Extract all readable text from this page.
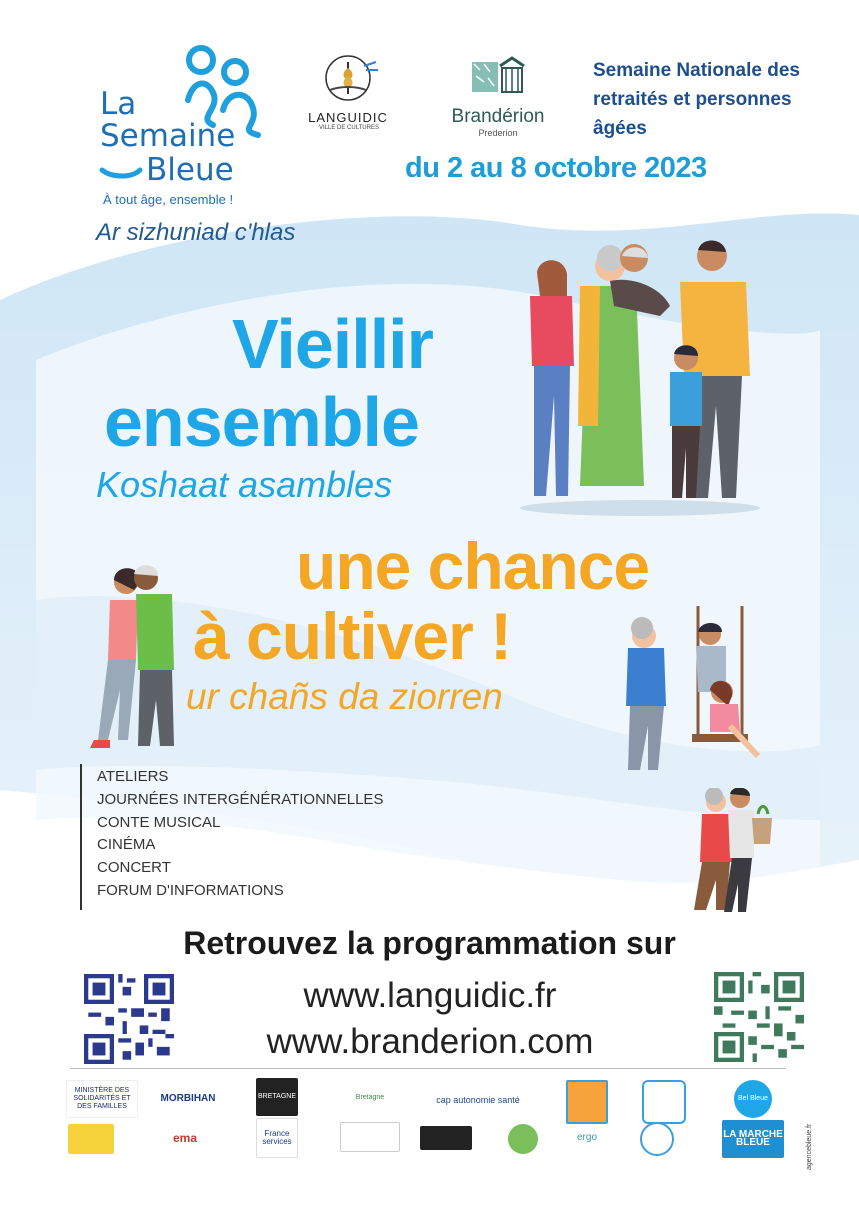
La
Semaine
Bleue
À tout âge, ensemble !
Ar sizhuniad c'hlas
LANGUIDIC
VILLE DE CULTURES
Brandérion
Prederion
Semaine Nationale des retraités et personnes âgées
du 2 au 8 octobre 2023
Vieillir
ensemble
Koshaat asambles
une chance
à cultiver !
ur chañs da ziorren
ATELIERS
JOURNÉES INTERGÉNÉRATIONNELLES
CONTE MUSICAL
CINÉMA
CONCERT
FORUM D'INFORMATIONS
Retrouvez la programmation sur
www.languidic.fr
www.branderion.com
MINISTÈRE DES SOLIDARITÉS ET DES FAMILLES
MORBIHAN	BRETAGNE	Bretagne	cap autonomie santé	Bel Bleue
ema	France services	ergo	LA MARCHE BLEUE	agencebleue.fr
